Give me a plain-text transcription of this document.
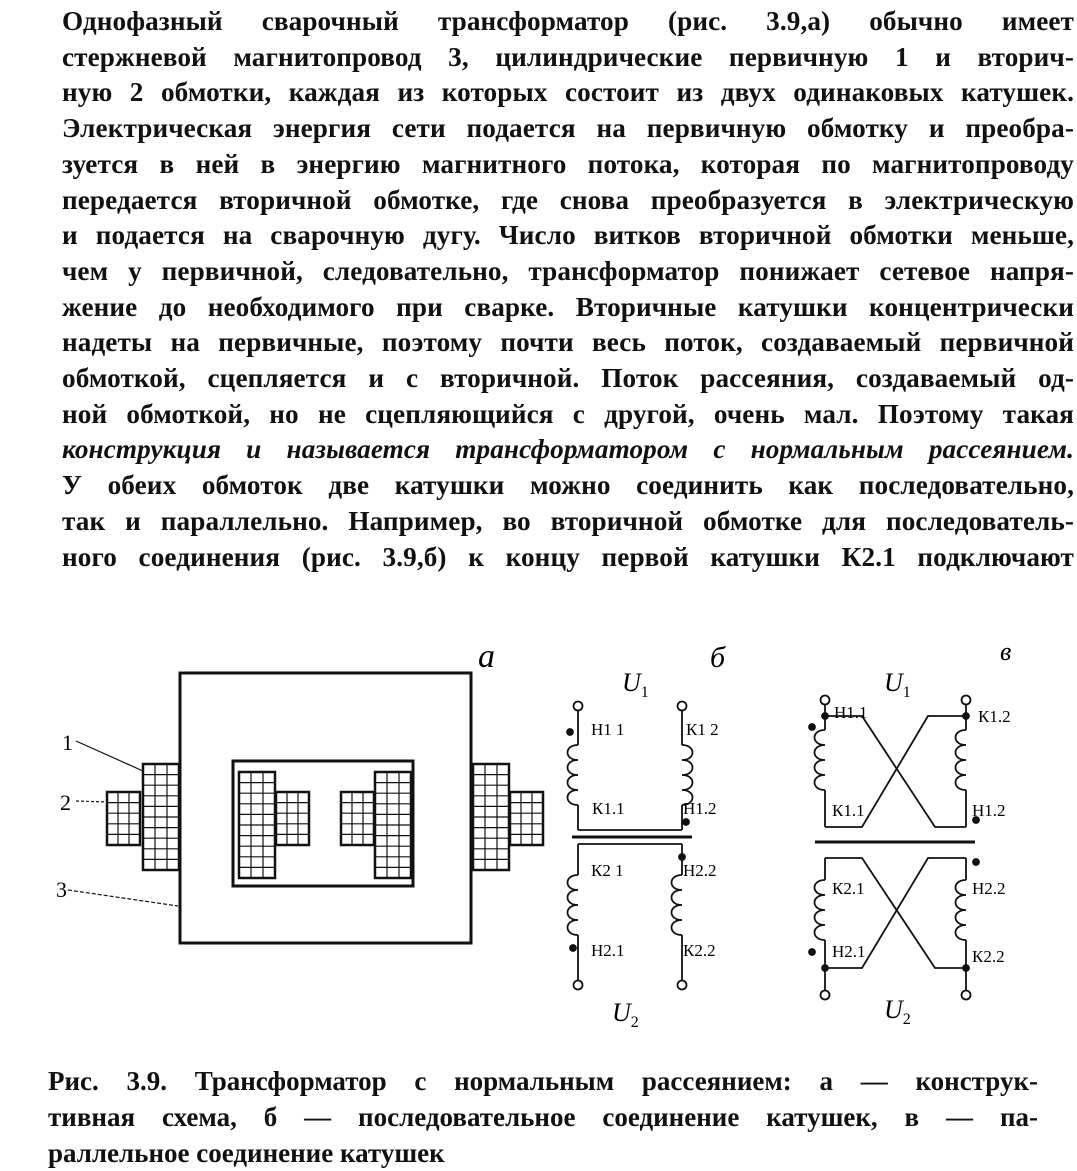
Однофазный сварочный трансформатор (рис. 3.9,а) обычно имеет
стержневой магнитопровод 3, цилиндрические первичную 1 и вторич-
ную 2 обмотки, каждая из которых состоит из двух одинаковых катушек.
Электрическая энергия сети подается на первичную обмотку и преобра-
зуется в ней в энергию магнитного потока, которая по магнитопроводу
передается вторичной обмотке, где снова преобразуется в электрическую
и подается на сварочную дугу. Число витков вторичной обмотки меньше,
чем у первичной, следовательно, трансформатор понижает сетевое напря-
жение до необходимого при сварке. Вторичные катушки концентрически
надеты на первичные, поэтому почти весь поток, создаваемый первичной
обмоткой, сцепляется и с вторичной. Поток рассеяния, создаваемый од-
ной обмоткой, но не сцепляющийся с другой, очень мал. Поэтому такая
конструкция и называется трансформатором с нормальным рассеянием.

У обеих обмоток две катушки можно соединить как последовательно,
так и параллельно. Например, во вторичной обмотке для последователь-
ного соединения (рис. 3.9,б) к концу первой катушки К2.1 подключают

а	б	в
1
2
3
$U_1$
$U_2$
Н1 1
К1.1
К1 2
Н1.2
К2 1
Н2.1
Н2.2
К2.2
$U_1$
$U_2$
Н1.1
К1.1
К1.2
Н1.2
К2.1
Н2.1
Н2.2
К2.2
Рис. 3.9. Трансформатор с нормальным рассеянием: а — конструк-
тивная схема, б — последовательное соединение катушек, в — па-
раллельное соединение катушек
